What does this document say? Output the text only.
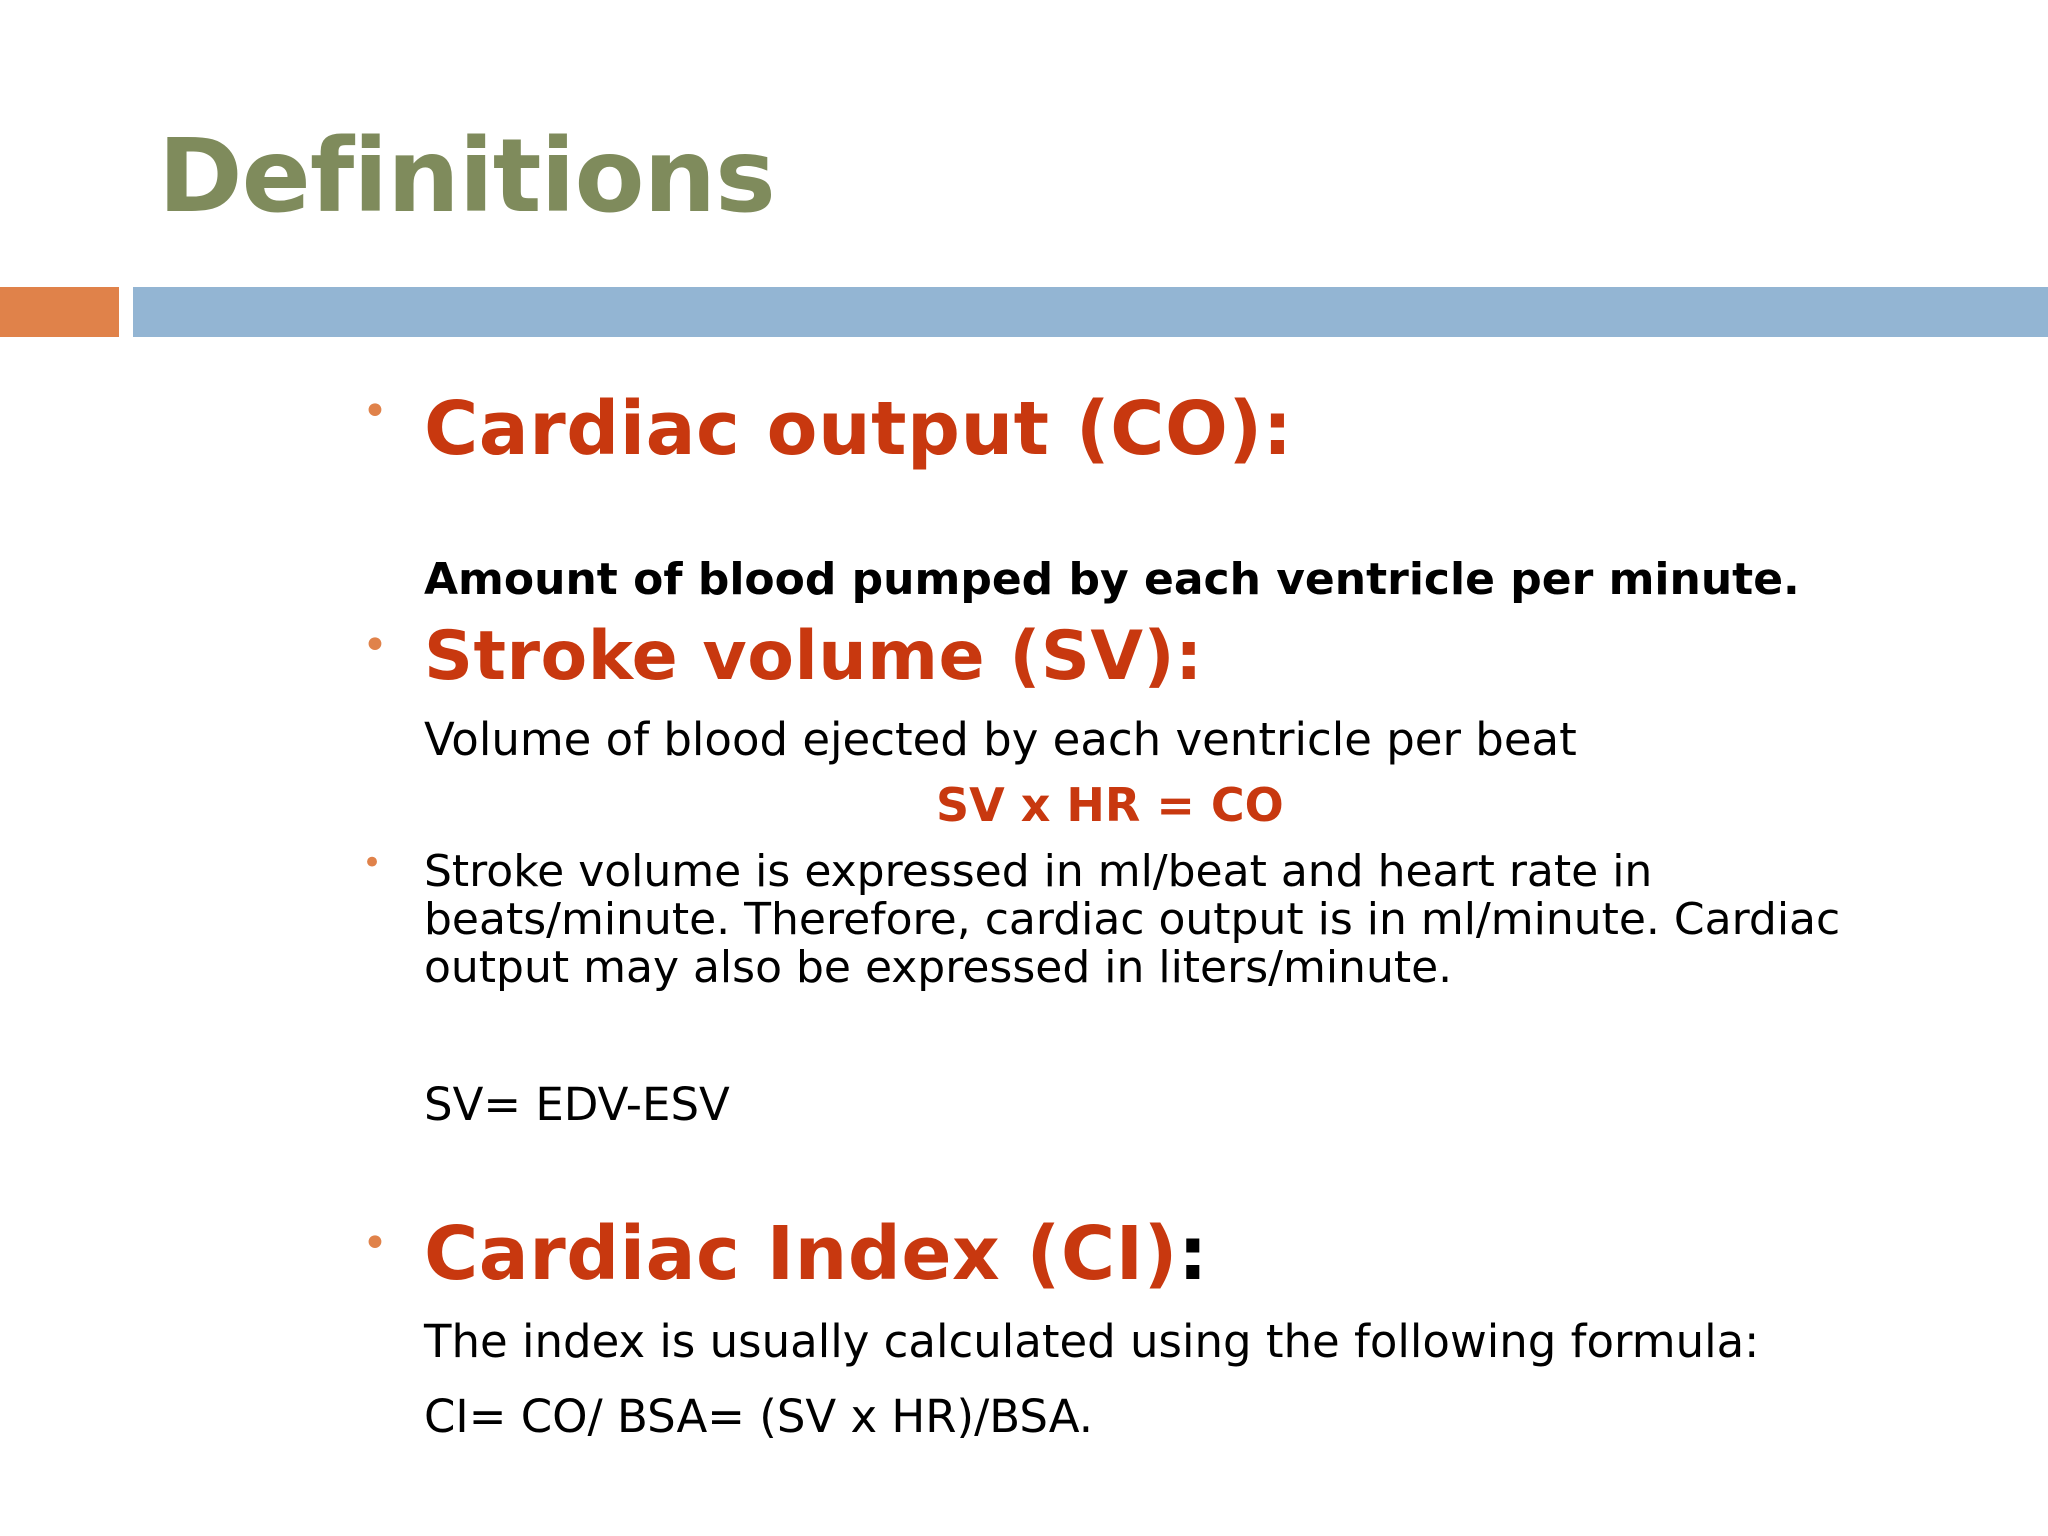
Definitions
• Cardiac output (CO):

Amount of blood pumped by each ventricle per minute.

• Stroke volume (SV):

Volume of blood ejected by each ventricle per beat

SV x HR = CO

• Stroke volume is expressed in ml/beat and heart rate in beats/minute. Therefore, cardiac output is in ml/minute. Cardiac output may also be expressed in liters/minute.

SV= EDV-ESV

• Cardiac Index (CI):

The index is usually calculated using the following formula:

CI= CO/ BSA= (SV x HR)/BSA.
